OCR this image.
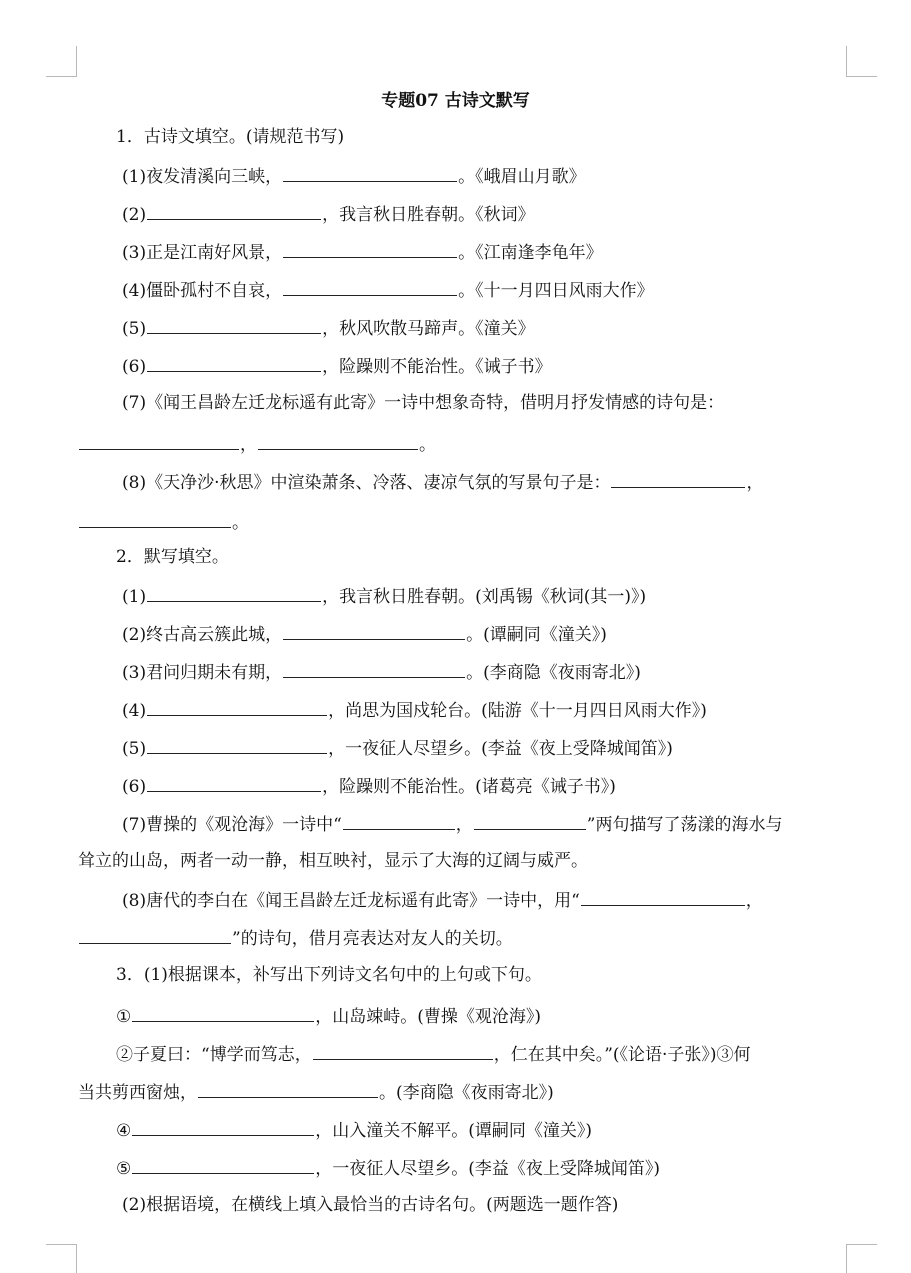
专题07 古诗文默写
1．古诗文填空。(请规范书写)
(1)夜发清溪向三峡，	。《峨眉山月歌》
(2)	，我言秋日胜春朝。《秋词》
(3)正是江南好风景，	。《江南逢李龟年》
(4)僵卧孤村不自哀，	。《十一月四日风雨大作》
(5)	，秋风吹散马蹄声。《潼关》
(6)	，险躁则不能治性。《诫子书》
(7)《闻王昌龄左迁龙标遥有此寄》一诗中想象奇特，借明月抒发情感的诗句是：
，	。
(8)《天净沙·秋思》中渲染萧条、冷落、凄凉气氛的写景句子是：	，
。
2．默写填空。
(1)	，我言秋日胜春朝。(刘禹锡《秋词(其一)》)
(2)终古高云簇此城，	。(谭嗣同《潼关》)
(3)君问归期未有期，	。(李商隐《夜雨寄北》)
(4)	，尚思为国戍轮台。(陆游《十一月四日风雨大作》)
(5)	，一夜征人尽望乡。(李益《夜上受降城闻笛》)
(6)	，险躁则不能治性。(诸葛亮《诫子书》)
(7)曹操的《观沧海》一诗中“	，	”两句描写了荡漾的海水与
耸立的山岛，两者一动一静，相互映衬，显示了大海的辽阔与威严。
(8)唐代的李白在《闻王昌龄左迁龙标遥有此寄》一诗中，用“	，
”的诗句，借月亮表达对友人的关切。
3．(1)根据课本，补写出下列诗文名句中的上句或下句。
①	，山岛竦峙。(曹操《观沧海》)
②子夏曰：“博学而笃志，	，仁在其中矣。”(《论语·子张》)③何
当共剪西窗烛，	。(李商隐《夜雨寄北》)
④	，山入潼关不解平。(谭嗣同《潼关》)
⑤	，一夜征人尽望乡。(李益《夜上受降城闻笛》)
(2)根据语境，在横线上填入最恰当的古诗名句。(两题选一题作答)
